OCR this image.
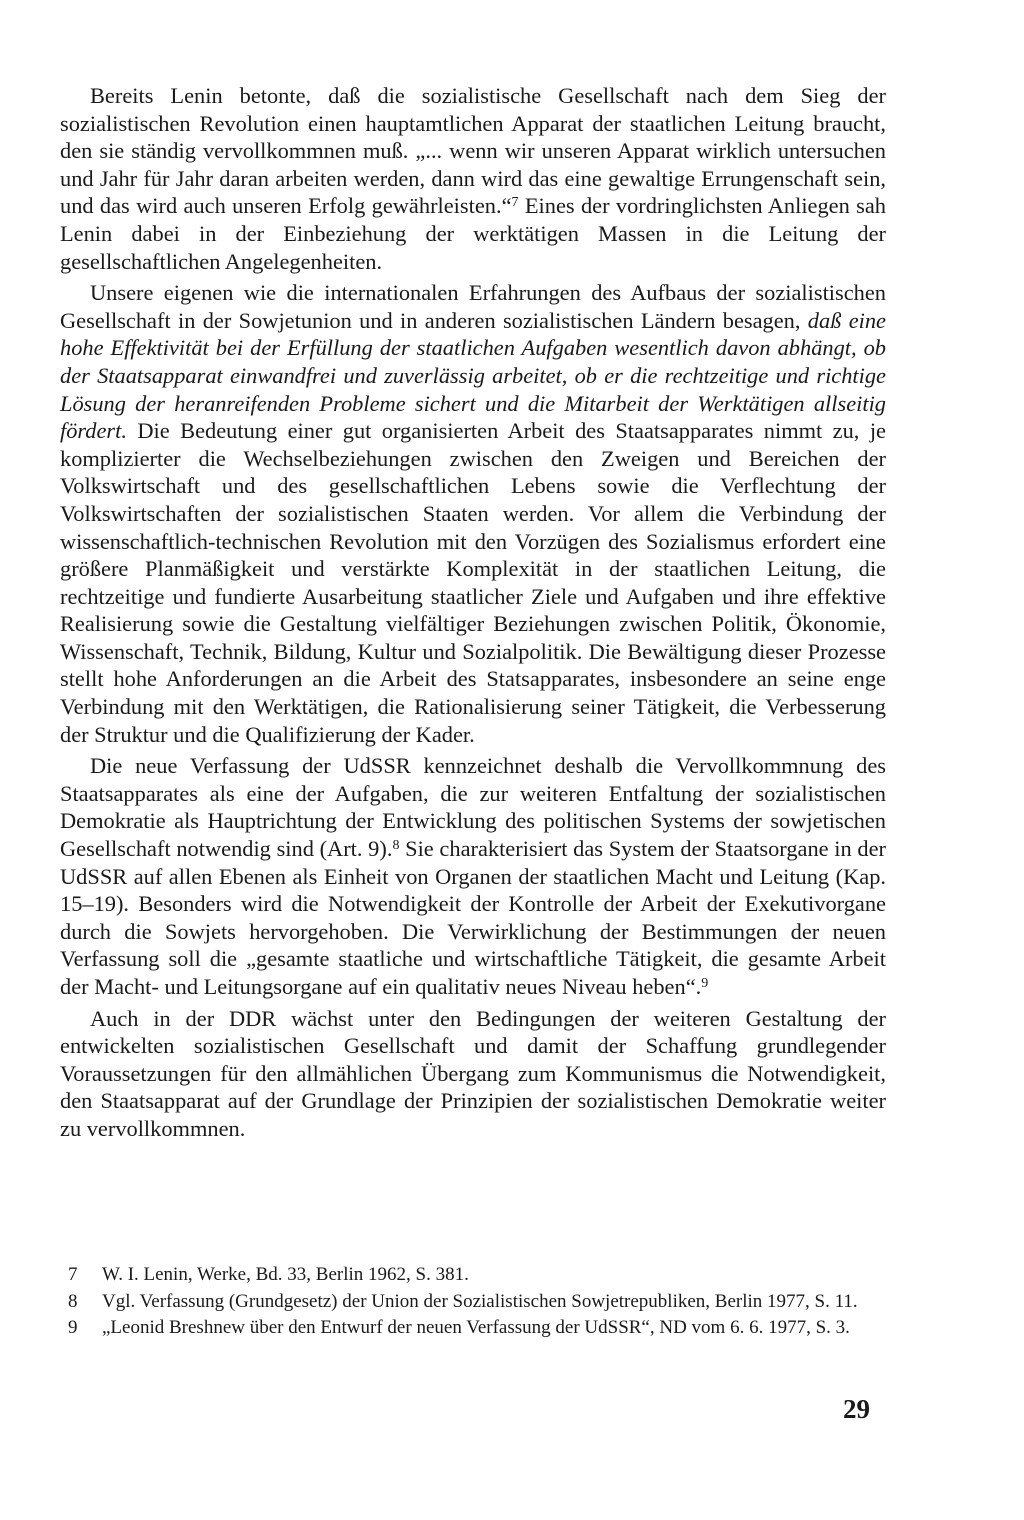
Bereits Lenin betonte, daß die sozialistische Gesellschaft nach dem Sieg der sozialistischen Revolution einen hauptamtlichen Apparat der staatlichen Leitung braucht, den sie ständig vervollkommnen muß. „... wenn wir unseren Apparat wirklich untersuchen und Jahr für Jahr daran arbeiten werden, dann wird das eine gewaltige Errungenschaft sein, und das wird auch unseren Erfolg gewährleisten.“$^7$ Eines der vordringlichsten Anliegen sah Lenin dabei in der Einbeziehung der werktätigen Massen in die Leitung der gesellschaftlichen Angelegenheiten.

Unsere eigenen wie die internationalen Erfahrungen des Aufbaus der sozialistischen Gesellschaft in der Sowjetunion und in anderen sozialistischen Ländern besagen, daß eine hohe Effektivität bei der Erfüllung der staatlichen Aufgaben wesentlich davon abhängt, ob der Staatsapparat einwandfrei und zuverlässig arbeitet, ob er die rechtzeitige und richtige Lösung der heranreifenden Probleme sichert und die Mitarbeit der Werktätigen allseitig fördert. Die Bedeutung einer gut organisierten Arbeit des Staatsapparates nimmt zu, je komplizierter die Wechselbeziehungen zwischen den Zweigen und Bereichen der Volkswirtschaft und des gesellschaftlichen Lebens sowie die Verflechtung der Volkswirtschaften der sozialistischen Staaten werden. Vor allem die Verbindung der wissenschaftlich-technischen Revolution mit den Vorzügen des Sozialismus erfordert eine größere Planmäßigkeit und verstärkte Komplexität in der staatlichen Leitung, die rechtzeitige und fundierte Ausarbeitung staatlicher Ziele und Aufgaben und ihre effektive Realisierung sowie die Gestaltung vielfältiger Beziehungen zwischen Politik, Ökonomie, Wissenschaft, Technik, Bildung, Kultur und Sozialpolitik. Die Bewältigung dieser Prozesse stellt hohe Anforderungen an die Arbeit des Statsapparates, insbesondere an seine enge Verbindung mit den Werktätigen, die Rationalisierung seiner Tätigkeit, die Verbesserung der Struktur und die Qualifizierung der Kader.

Die neue Verfassung der UdSSR kennzeichnet deshalb die Vervollkommnung des Staatsapparates als eine der Aufgaben, die zur weiteren Entfaltung der sozialistischen Demokratie als Hauptrichtung der Entwicklung des politischen Systems der sowjetischen Gesellschaft notwendig sind (Art. 9).$^8$ Sie charakterisiert das System der Staatsorgane in der UdSSR auf allen Ebenen als Einheit von Organen der staatlichen Macht und Leitung (Kap. 15–19). Besonders wird die Notwendigkeit der Kontrolle der Arbeit der Exekutivorgane durch die Sowjets hervorgehoben. Die Verwirklichung der Bestimmungen der neuen Verfassung soll die „gesamte staatliche und wirtschaftliche Tätigkeit, die gesamte Arbeit der Macht- und Leitungsorgane auf ein qualitativ neues Niveau heben“.$^9$

Auch in der DDR wächst unter den Bedingungen der weiteren Gestaltung der entwickelten sozialistischen Gesellschaft und damit der Schaffung grundlegender Voraussetzungen für den allmählichen Übergang zum Kommunismus die Notwendigkeit, den Staatsapparat auf der Grundlage der Prinzipien der sozialistischen Demokratie weiter zu vervollkommnen.

7 W. I. Lenin, Werke, Bd. 33, Berlin 1962, S. 381.

8 Vgl. Verfassung (Grundgesetz) der Union der Sozialistischen Sowjetrepubliken, Berlin 1977, S. 11.

9 „Leonid Breshnew über den Entwurf der neuen Verfassung der UdSSR“, ND vom 6. 6. 1977, S. 3.

29
